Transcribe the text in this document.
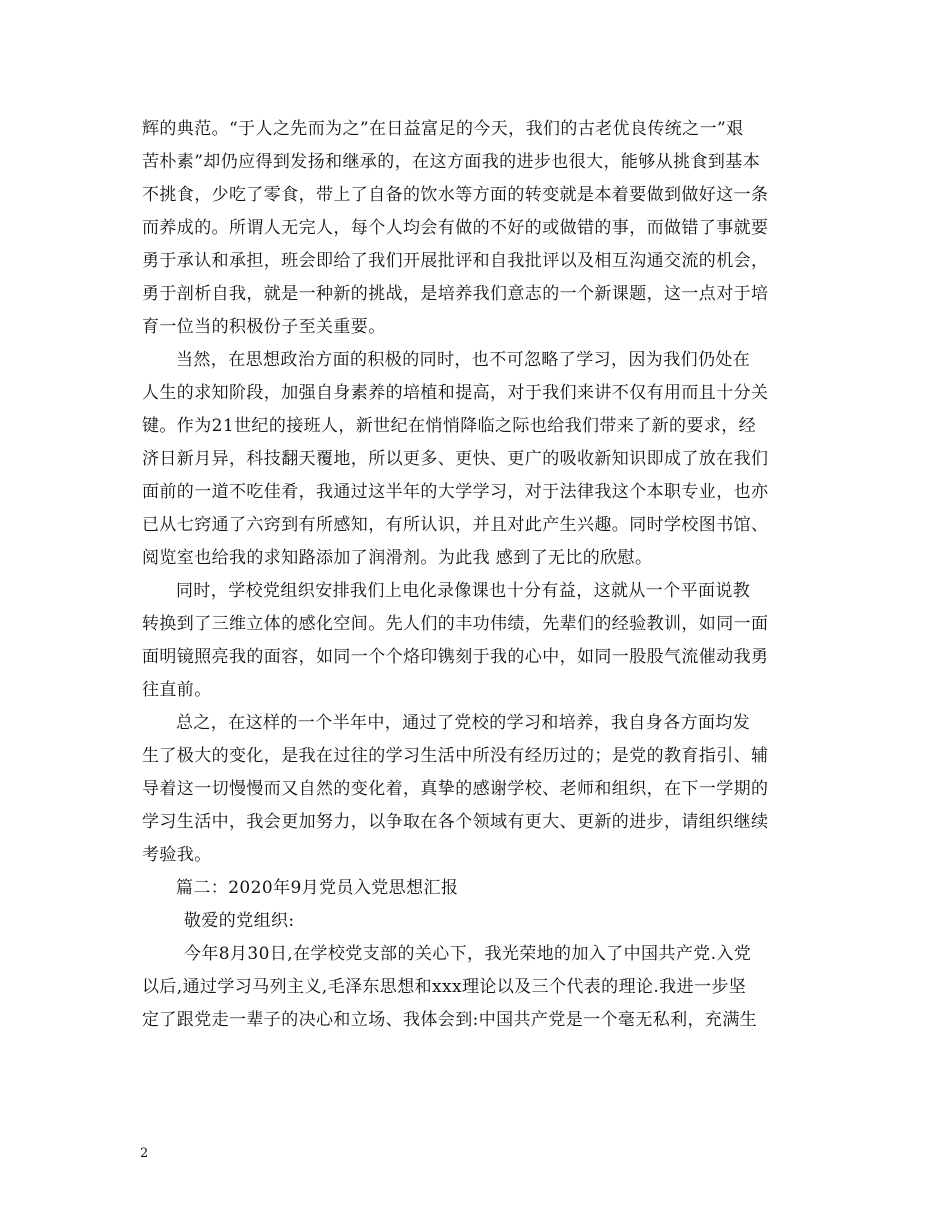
辉的典范。“于人之先而为之”在日益富足的今天，我们的古老优良传统之一”艰
苦朴素”却仍应得到发扬和继承的，在这方面我的进步也很大，能够从挑食到基本
不挑食，少吃了零食，带上了自备的饮水等方面的转变就是本着要做到做好这一条
而养成的。所谓人无完人，每个人均会有做的不好的或做错的事，而做错了事就要
勇于承认和承担，班会即给了我们开展批评和自我批评以及相互沟通交流的机会，
勇于剖析自我，就是一种新的挑战，是培养我们意志的一个新课题，这一点对于培
育一位当的积极份子至关重要。
当然，在思想政治方面的积极的同时，也不可忽略了学习，因为我们仍处在
人生的求知阶段，加强自身素养的培植和提高，对于我们来讲不仅有用而且十分关
键。作为21世纪的接班人，新世纪在悄悄降临之际也给我们带来了新的要求，经
济日新月异，科技翻天覆地，所以更多、更快、更广的吸收新知识即成了放在我们
面前的一道不吃佳肴，我通过这半年的大学学习，对于法律我这个本职专业，也亦
已从七窍通了六窍到有所感知，有所认识，并且对此产生兴趣。同时学校图书馆、
阅览室也给我的求知路添加了润滑剂。为此我 感到了无比的欣慰。
同时，学校党组织安排我们上电化录像课也十分有益，这就从一个平面说教
转换到了三维立体的感化空间。先人们的丰功伟绩，先辈们的经验教训，如同一面
面明镜照亮我的面容，如同一个个烙印镌刻于我的心中，如同一股股气流催动我勇
往直前。
总之，在这样的一个半年中，通过了党校的学习和培养，我自身各方面均发
生了极大的变化，是我在过往的学习生活中所没有经历过的；是党的教育指引、辅
导着这一切慢慢而又自然的变化着，真挚的感谢学校、老师和组织，在下一学期的
学习生活中，我会更加努力，以争取在各个领域有更大、更新的进步，请组织继续
考验我。
篇二：2020年9月党员入党思想汇报
敬爱的党组织:
今年8月30日,在学校党支部的关心下，我光荣地的加入了中国共产党.入党
以后,通过学习马列主义,毛泽东思想和xxx理论以及三个代表的理论.我进一步坚
定了跟党走一辈子的决心和立场、我体会到:中国共产党是一个毫无私利，充满生
2
